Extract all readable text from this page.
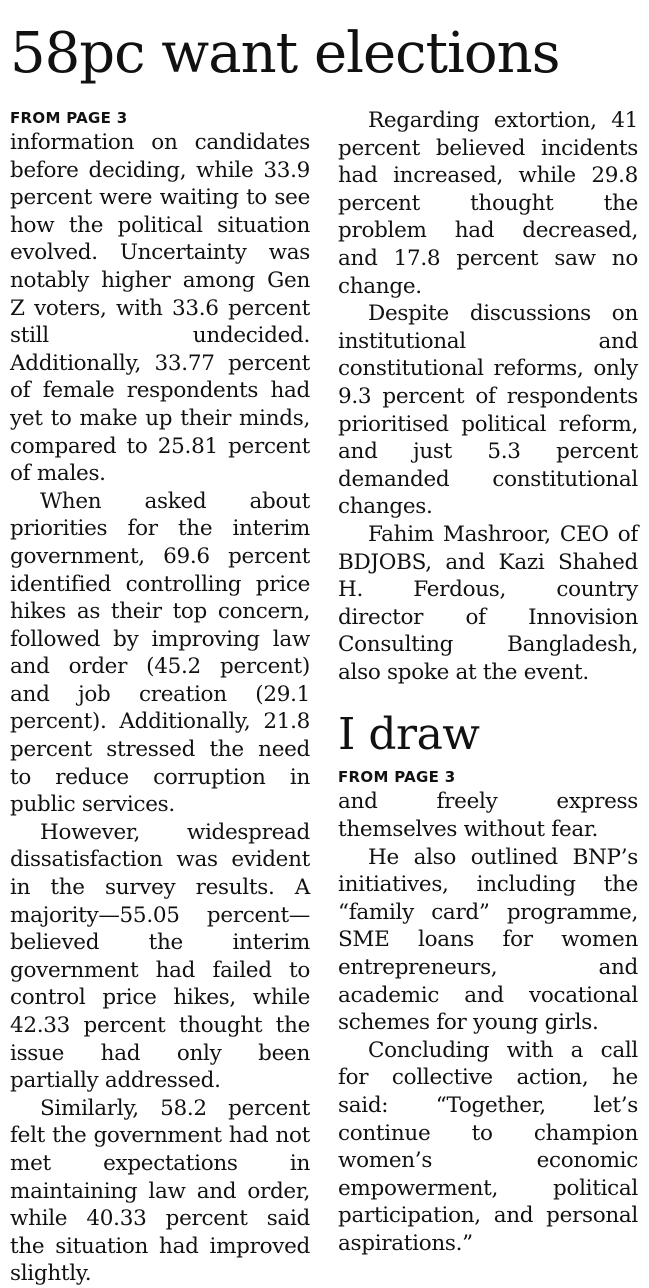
58pc want elections
FROM PAGE 3

information on candidates before deciding, while 33.9 percent were waiting to see how the political situation evolved. Uncertainty was notably higher among Gen Z voters, with 33.6 percent still undecided. Additionally, 33.77 percent of female respondents had yet to make up their minds, compared to 25.81 percent of males.

When asked about priorities for the interim government, 69.6 percent identified controlling price hikes as their top concern, followed by improving law and order (45.2 percent) and job creation (29.1 percent). Additionally, 21.8 percent stressed the need to reduce corruption in public services.

However, widespread dissatisfaction was evident in the survey results. A majority—55.05 percent—believed the interim government had failed to control price hikes, while 42.33 percent thought the issue had only been partially addressed.

Similarly, 58.2 percent felt the government had not met expectations in maintaining law and order, while 40.33 percent said the situation had improved slightly.

Regarding extortion, 41 percent believed incidents had increased, while 29.8 percent thought the problem had decreased, and 17.8 percent saw no change.

Despite discussions on institutional and constitutional reforms, only 9.3 percent of respondents prioritised political reform, and just 5.3 percent demanded constitutional changes.

Fahim Mashroor, CEO of BDJOBS, and Kazi Shahed H. Ferdous, country director of Innovision Consulting Bangladesh, also spoke at the event.

I draw
FROM PAGE 3

and freely express themselves without fear.

He also outlined BNP’s initiatives, including the “family card” programme, SME loans for women entrepreneurs, and academic and vocational schemes for young girls.

Concluding with a call for collective action, he said: “Together, let’s continue to champion women’s economic empowerment, political participation, and personal aspirations.”
